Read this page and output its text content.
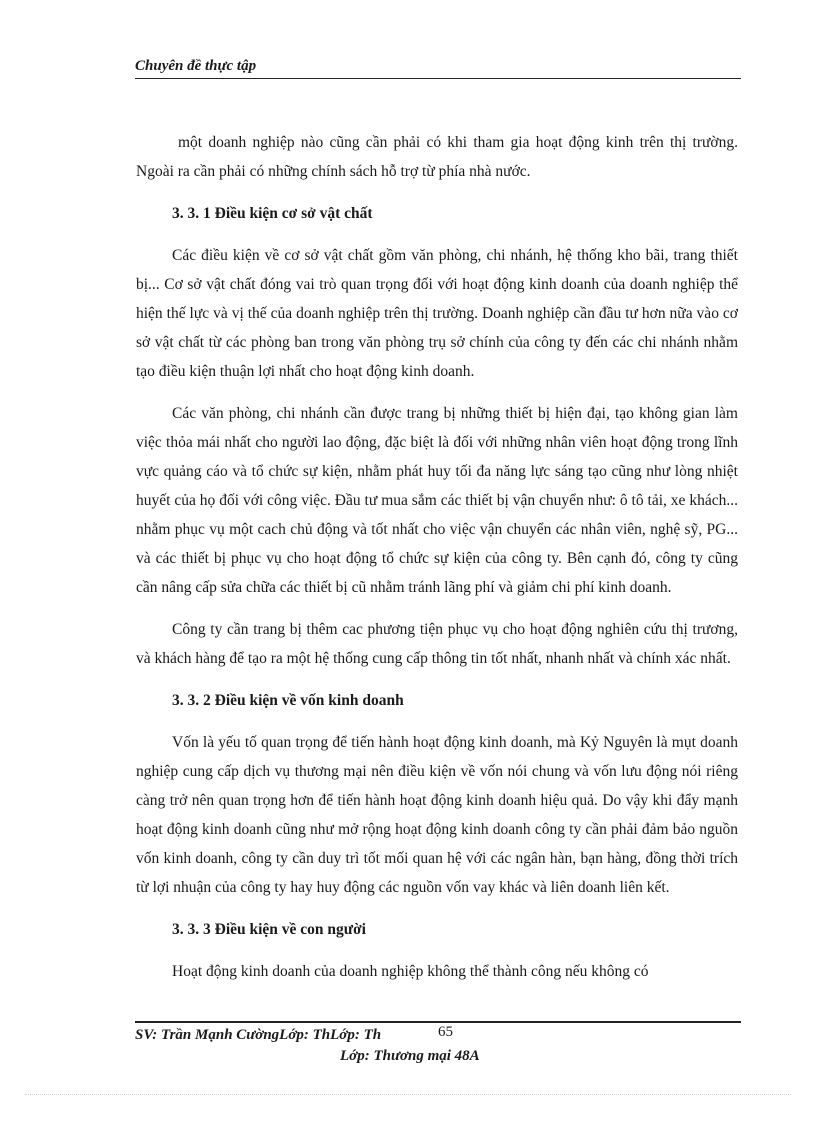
Chuyên đề thực tập

một doanh nghiệp nào cũng cần phải có khi tham gia hoạt động kinh trên thị trường. Ngoài ra cần phải có những chính sách hỗ trợ từ phía nhà nước.

3. 3. 1 Điều kiện cơ sở vật chất

Các điều kiện về cơ sở vật chất gồm văn phòng, chi nhánh, hệ thống kho bãi, trang thiết bị... Cơ sở vật chất đóng vai trò quan trọng đối với hoạt động kinh doanh của doanh nghiệp thể hiện thế lực và vị thế của doanh nghiệp trên thị trường. Doanh nghiệp cần đầu tư hơn nữa vào cơ sở vật chất từ các phòng ban trong văn phòng trụ sở chính của công ty đến các chi nhánh nhằm tạo điều kiện thuận lợi nhất cho hoạt động kinh doanh.

Các văn phòng, chi nhánh cần được trang bị những thiết bị hiện đại, tạo không gian làm việc thỏa mái nhất cho người lao động, đặc biệt là đối với những nhân viên hoạt động trong lĩnh vực quảng cáo và tổ chức sự kiện, nhằm phát huy tối đa năng lực sáng tạo cũng như lòng nhiệt huyết của họ đối với công việc. Đầu tư mua sắm các thiết bị vận chuyển như: ô tô tải, xe khách... nhằm phục vụ một cach chủ động và tốt nhất cho việc vận chuyển các nhân viên, nghệ sỹ, PG... và các thiết bị phục vụ cho hoạt động tổ chức sự kiện của công ty. Bên cạnh đó, công ty cũng cần nâng cấp sửa chữa các thiết bị cũ nhằm tránh lãng phí và giảm chi phí kinh doanh.

Công ty cần trang bị thêm cac phương tiện phục vụ cho hoạt động nghiên cứu thị trương, và khách hàng để tạo ra một hệ thống cung cấp thông tin tốt nhất, nhanh nhất và chính xác nhất.

3. 3. 2 Điều kiện về vốn kinh doanh

Vốn là yếu tố quan trọng để tiến hành hoạt động kinh doanh, mà Kỷ Nguyên là mụt doanh nghiệp cung cấp dịch vụ thương mại nên điều kiện về vốn nói chung và vốn lưu động nói riêng càng trở nên quan trọng hơn để tiến hành hoạt động kinh doanh hiệu quả. Do vậy khi đẩy mạnh hoạt động kinh doanh cũng như mở rộng hoạt động kinh doanh công ty cần phải đảm bảo nguồn vốn kinh doanh, công ty cần duy trì tốt mối quan hệ với các ngân hàn, bạn hàng, đồng thời trích từ lợi nhuận của công ty hay huy động các nguồn vốn vay khác và liên doanh liên kết.

3. 3. 3 Điều kiện về con người

Hoạt động kinh doanh của doanh nghiệp không thể thành công nếu không có

SV: Trần Mạnh CườngLớp: ThLớp: Th	65
Lớp: Thương mại 48A
